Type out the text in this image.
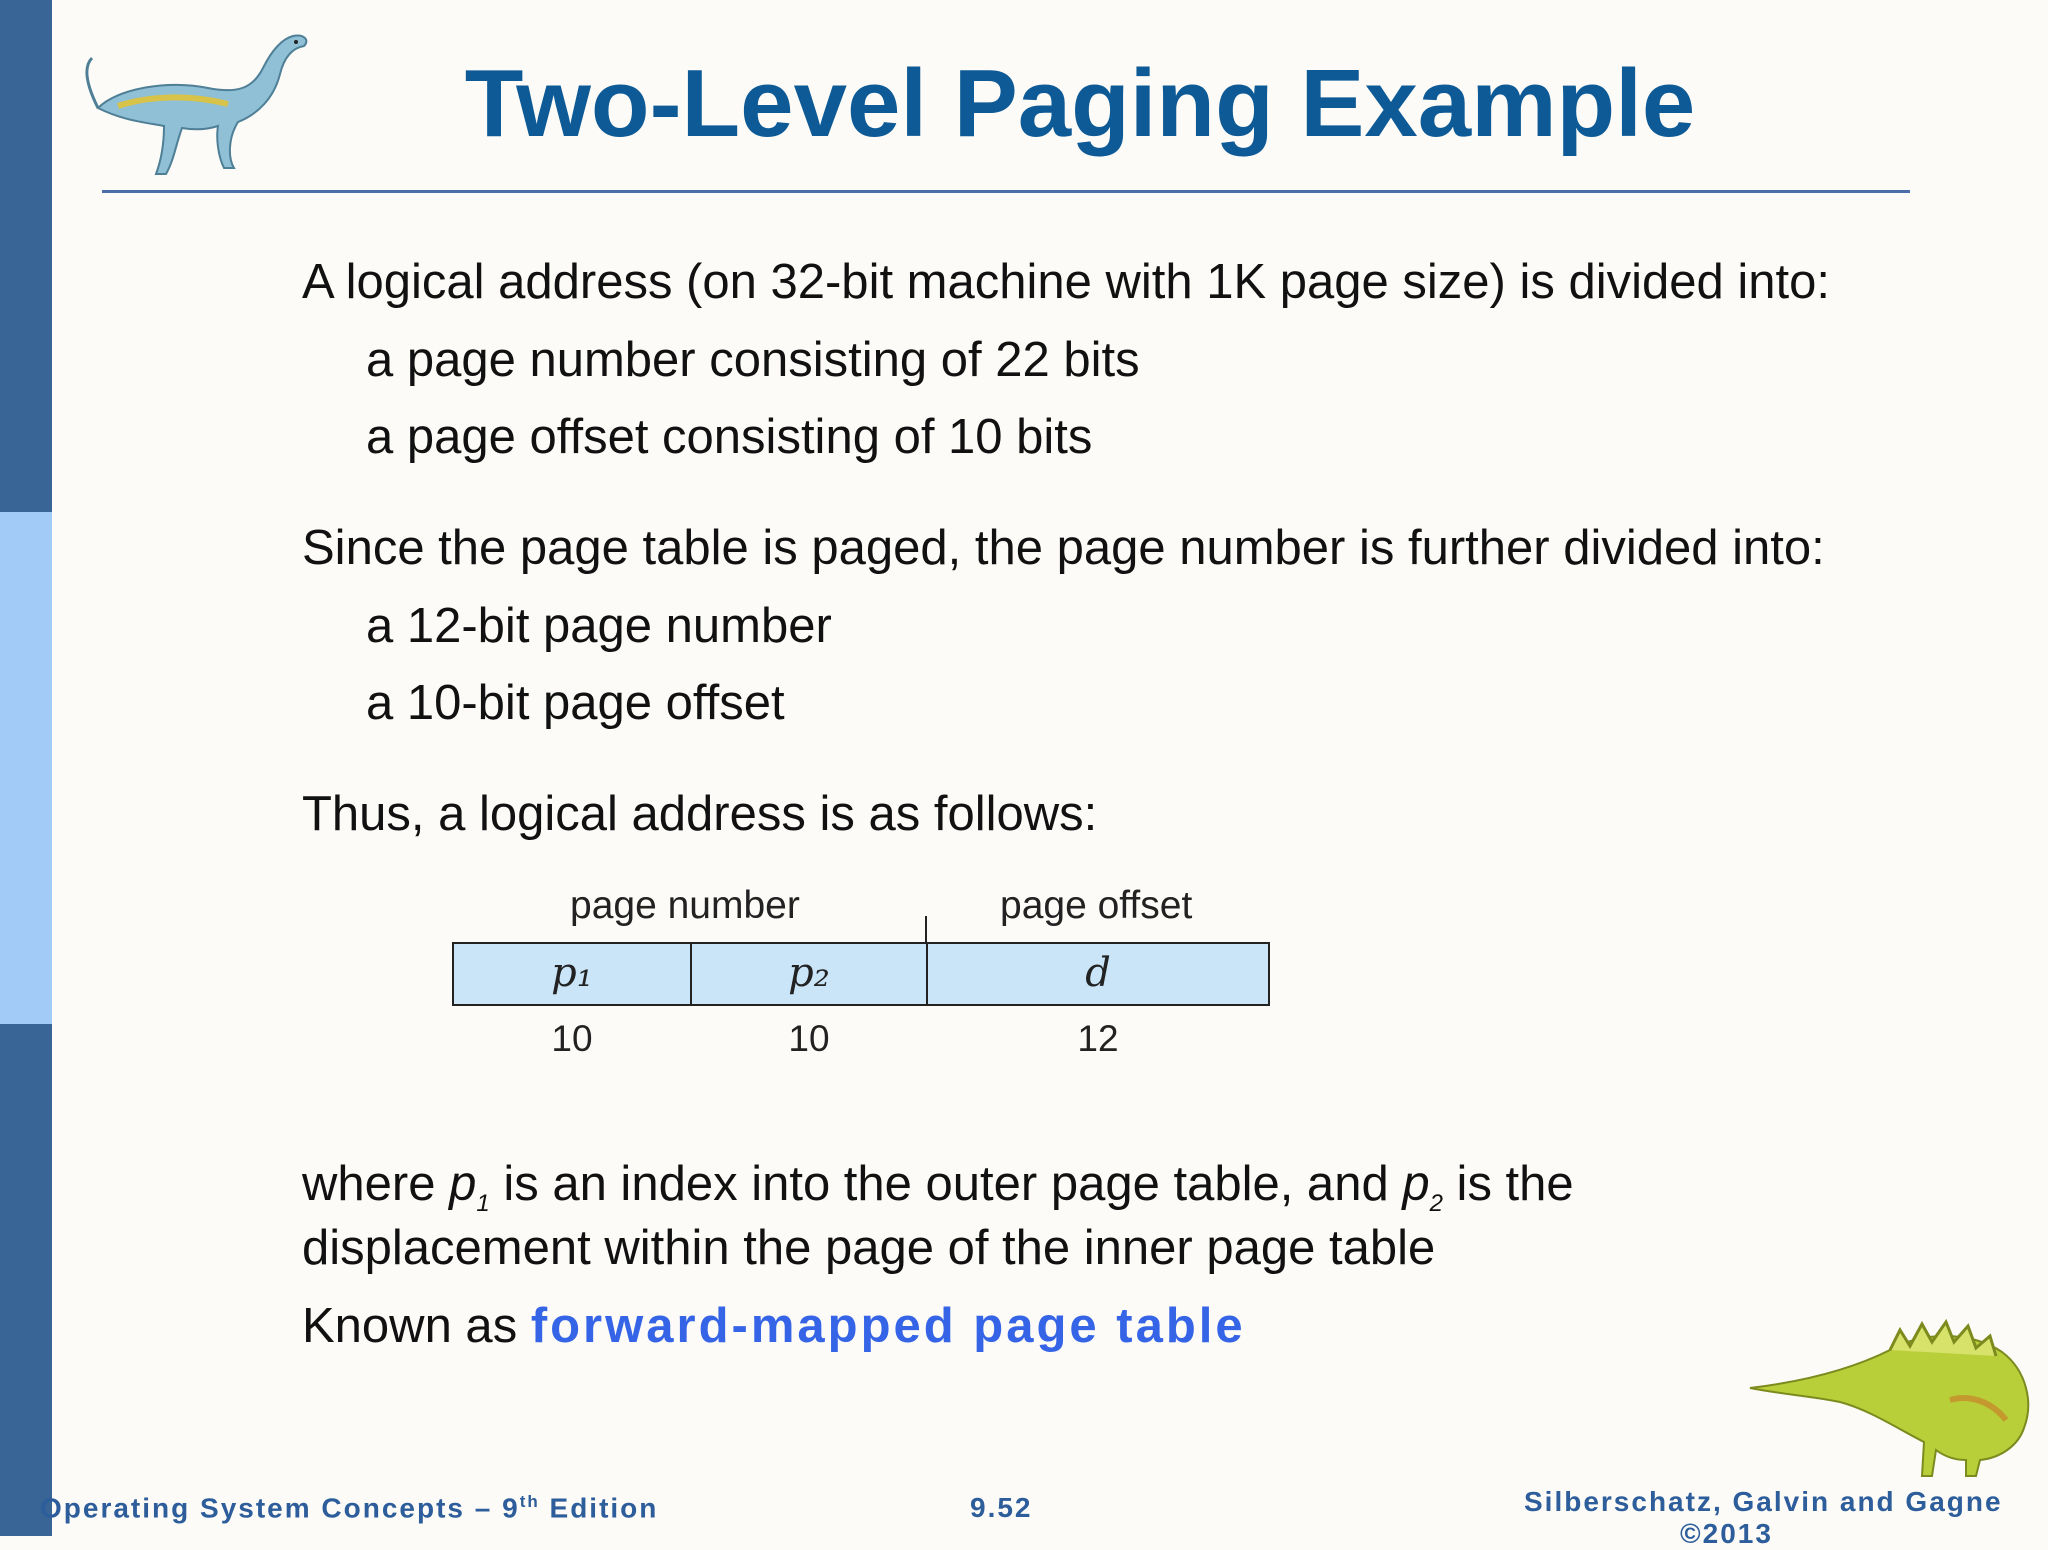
Two-Level Paging Example
A logical address (on 32-bit machine with 1K page size) is divided into:
a page number consisting of 22 bits
a page offset consisting of 10 bits
Since the page table is paged, the page number is further divided into:
a 12-bit page number
a 10-bit page offset
Thus, a logical address is as follows:
page number	page offset
p₁	p₂	d
10	10	12
where $p_1$ is an index into the outer page table, and $p_2$ is the
displacement within the page of the inner page table
Known as forward-mapped page table
Operating System Concepts – 9th Edition	9.52	Silberschatz, Galvin and Gagne
©2013
